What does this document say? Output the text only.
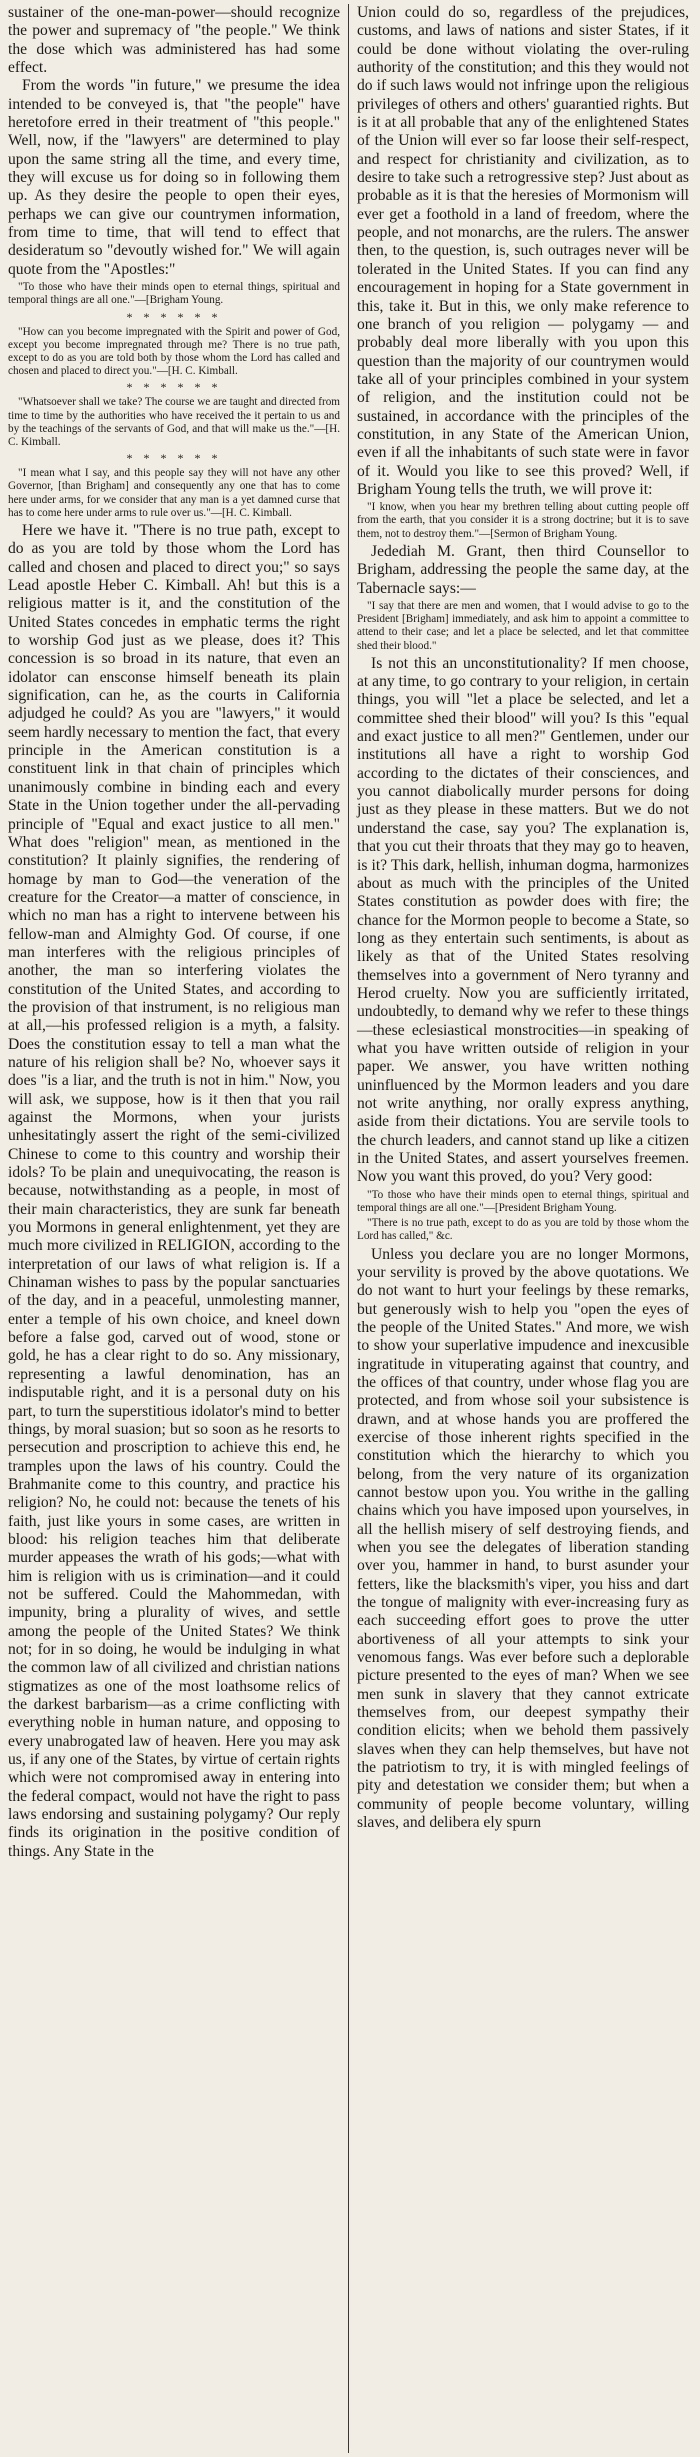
sustainer of the one-man-power—should recognize the power and supremacy of "the people." We think the dose which was administered has had some effect.

From the words "in future," we presume the idea intended to be conveyed is, that "the people" have heretofore erred in their treatment of "this people." Well, now, if the "lawyers" are determined to play upon the same string all the time, and every time, they will excuse us for doing so in following them up. As they desire the people to open their eyes, perhaps we can give our countrymen information, from time to time, that will tend to effect that desideratum so "devoutly wished for." We will again quote from the "Apostles:"

"To those who have their minds open to eternal things, spiritual and temporal things are all one."—[Brigham Young.

* * * * * *

"How can you become impregnated with the Spirit and power of God, except you become impregnated through me? There is no true path, except to do as you are told both by those whom the Lord has called and chosen and placed to direct you."—[H. C. Kimball.

* * * * * *

"Whatsoever shall we take? The course we are taught and directed from time to time by the authorities who have received the it pertain to us and by the teachings of the servants of God, and that will make us the."—[H. C. Kimball.

* * * * * *

"I mean what I say, and this people say they will not have any other Governor, [than Brigham] and consequently any one that has to come here under arms, for we consider that any man is a yet damned curse that has to come here under arms to rule over us."—[H. C. Kimball.

Here we have it. "There is no true path, except to do as you are told by those whom the Lord has called and chosen and placed to direct you;" so says Lead apostle Heber C. Kimball. Ah! but this is a religious matter is it, and the constitution of the United States concedes in emphatic terms the right to worship God just as we please, does it? This concession is so broad in its nature, that even an idolator can ensconse himself beneath its plain signification, can he, as the courts in California adjudged he could? As you are "lawyers," it would seem hardly necessary to mention the fact, that every principle in the American constitution is a constituent link in that chain of principles which unanimously combine in binding each and every State in the Union together under the all-pervading principle of "Equal and exact justice to all men." What does "religion" mean, as mentioned in the constitution? It plainly signifies, the rendering of homage by man to God—the veneration of the creature for the Creator—a matter of conscience, in which no man has a right to intervene between his fellow-man and Almighty God. Of course, if one man interferes with the religious principles of another, the man so interfering violates the constitution of the United States, and according to the provision of that instrument, is no religious man at all,—his professed religion is a myth, a falsity. Does the constitution essay to tell a man what the nature of his religion shall be? No, whoever says it does "is a liar, and the truth is not in him." Now, you will ask, we suppose, how is it then that you rail against the Mormons, when your jurists unhesitatingly assert the right of the semi-civilized Chinese to come to this country and worship their idols? To be plain and unequivocating, the reason is because, notwithstanding as a people, in most of their main characteristics, they are sunk far beneath you Mormons in general enlightenment, yet they are much more civilized in RELIGION, according to the interpretation of our laws of what religion is. If a Chinaman wishes to pass by the popular sanctuaries of the day, and in a peaceful, unmolesting manner, enter a temple of his own choice, and kneel down before a false god, carved out of wood, stone or gold, he has a clear right to do so. Any missionary, representing a lawful denomination, has an indisputable right, and it is a personal duty on his part, to turn the superstitious idolator's mind to better things, by moral suasion; but so soon as he resorts to persecution and proscription to achieve this end, he tramples upon the laws of his country. Could the Brahmanite come to this country, and practice his religion? No, he could not: because the tenets of his faith, just like yours in some cases, are written in blood: his religion teaches him that deliberate murder appeases the wrath of his gods;—what with him is religion with us is crimination—and it could not be suffered. Could the Mahommedan, with impunity, bring a plurality of wives, and settle among the people of the United States? We think not; for in so doing, he would be indulging in what the common law of all civilized and christian nations stigmatizes as one of the most loathsome relics of the darkest barbarism—as a crime conflicting with everything noble in human nature, and opposing to every unabrogated law of heaven. Here you may ask us, if any one of the States, by virtue of certain rights which were not compromised away in entering into the federal compact, would not have the right to pass laws endorsing and sustaining polygamy? Our reply finds its origination in the positive condition of things. Any State in the

Union could do so, regardless of the prejudices, customs, and laws of nations and sister States, if it could be done without violating the over-ruling authority of the constitution; and this they would not do if such laws would not infringe upon the religious privileges of others and others' guarantied rights. But is it at all probable that any of the enlightened States of the Union will ever so far loose their self-respect, and respect for christianity and civilization, as to desire to take such a retrogressive step? Just about as probable as it is that the heresies of Mormonism will ever get a foothold in a land of freedom, where the people, and not monarchs, are the rulers. The answer then, to the question, is, such outrages never will be tolerated in the United States. If you can find any encouragement in hoping for a State government in this, take it. But in this, we only make reference to one branch of you religion — polygamy — and probably deal more liberally with you upon this question than the majority of our countrymen would take all of your principles combined in your system of religion, and the institution could not be sustained, in accordance with the principles of the constitution, in any State of the American Union, even if all the inhabitants of such state were in favor of it. Would you like to see this proved? Well, if Brigham Young tells the truth, we will prove it:

"I know, when you hear my brethren telling about cutting people off from the earth, that you consider it is a strong doctrine; but it is to save them, not to destroy them."—[Sermon of Brigham Young.

Jedediah M. Grant, then third Counsellor to Brigham, addressing the people the same day, at the Tabernacle says:—

"I say that there are men and women, that I would advise to go to the President [Brigham] immediately, and ask him to appoint a committee to attend to their case; and let a place be selected, and let that committee shed their blood."

Is not this an unconstitutionality? If men choose, at any time, to go contrary to your religion, in certain things, you will "let a place be selected, and let a committee shed their blood" will you? Is this "equal and exact justice to all men?" Gentlemen, under our institutions all have a right to worship God according to the dictates of their consciences, and you cannot diabolically murder persons for doing just as they please in these matters. But we do not understand the case, say you? The explanation is, that you cut their throats that they may go to heaven, is it? This dark, hellish, inhuman dogma, harmonizes about as much with the principles of the United States constitution as powder does with fire; the chance for the Mormon people to become a State, so long as they entertain such sentiments, is about as likely as that of the United States resolving themselves into a government of Nero tyranny and Herod cruelty. Now you are sufficiently irritated, undoubtedly, to demand why we refer to these things—these eclesiastical monstrocities—in speaking of what you have written outside of religion in your paper. We answer, you have written nothing uninfluenced by the Mormon leaders and you dare not write anything, nor orally express anything, aside from their dictations. You are servile tools to the church leaders, and cannot stand up like a citizen in the United States, and assert yourselves freemen. Now you want this proved, do you? Very good:

"To those who have their minds open to eternal things, spiritual and temporal things are all one."—[President Brigham Young.

"There is no true path, except to do as you are told by those whom the Lord has called," &c.

Unless you declare you are no longer Mormons, your servility is proved by the above quotations. We do not want to hurt your feelings by these remarks, but generously wish to help you "open the eyes of the people of the United States." And more, we wish to show your superlative impudence and inexcusible ingratitude in vituperating against that country, and the offices of that country, under whose flag you are protected, and from whose soil your subsistence is drawn, and at whose hands you are proffered the exercise of those inherent rights specified in the constitution which the hierarchy to which you belong, from the very nature of its organization cannot bestow upon you. You writhe in the galling chains which you have imposed upon yourselves, in all the hellish misery of self destroying fiends, and when you see the delegates of liberation standing over you, hammer in hand, to burst asunder your fetters, like the blacksmith's viper, you hiss and dart the tongue of malignity with ever-increasing fury as each succeeding effort goes to prove the utter abortiveness of all your attempts to sink your venomous fangs. Was ever before such a deplorable picture presented to the eyes of man? When we see men sunk in slavery that they cannot extricate themselves from, our deepest sympathy their condition elicits; when we behold them passively slaves when they can help themselves, but have not the patriotism to try, it is with mingled feelings of pity and detestation we consider them; but when a community of people become voluntary, willing slaves, and delibera ely spurn
